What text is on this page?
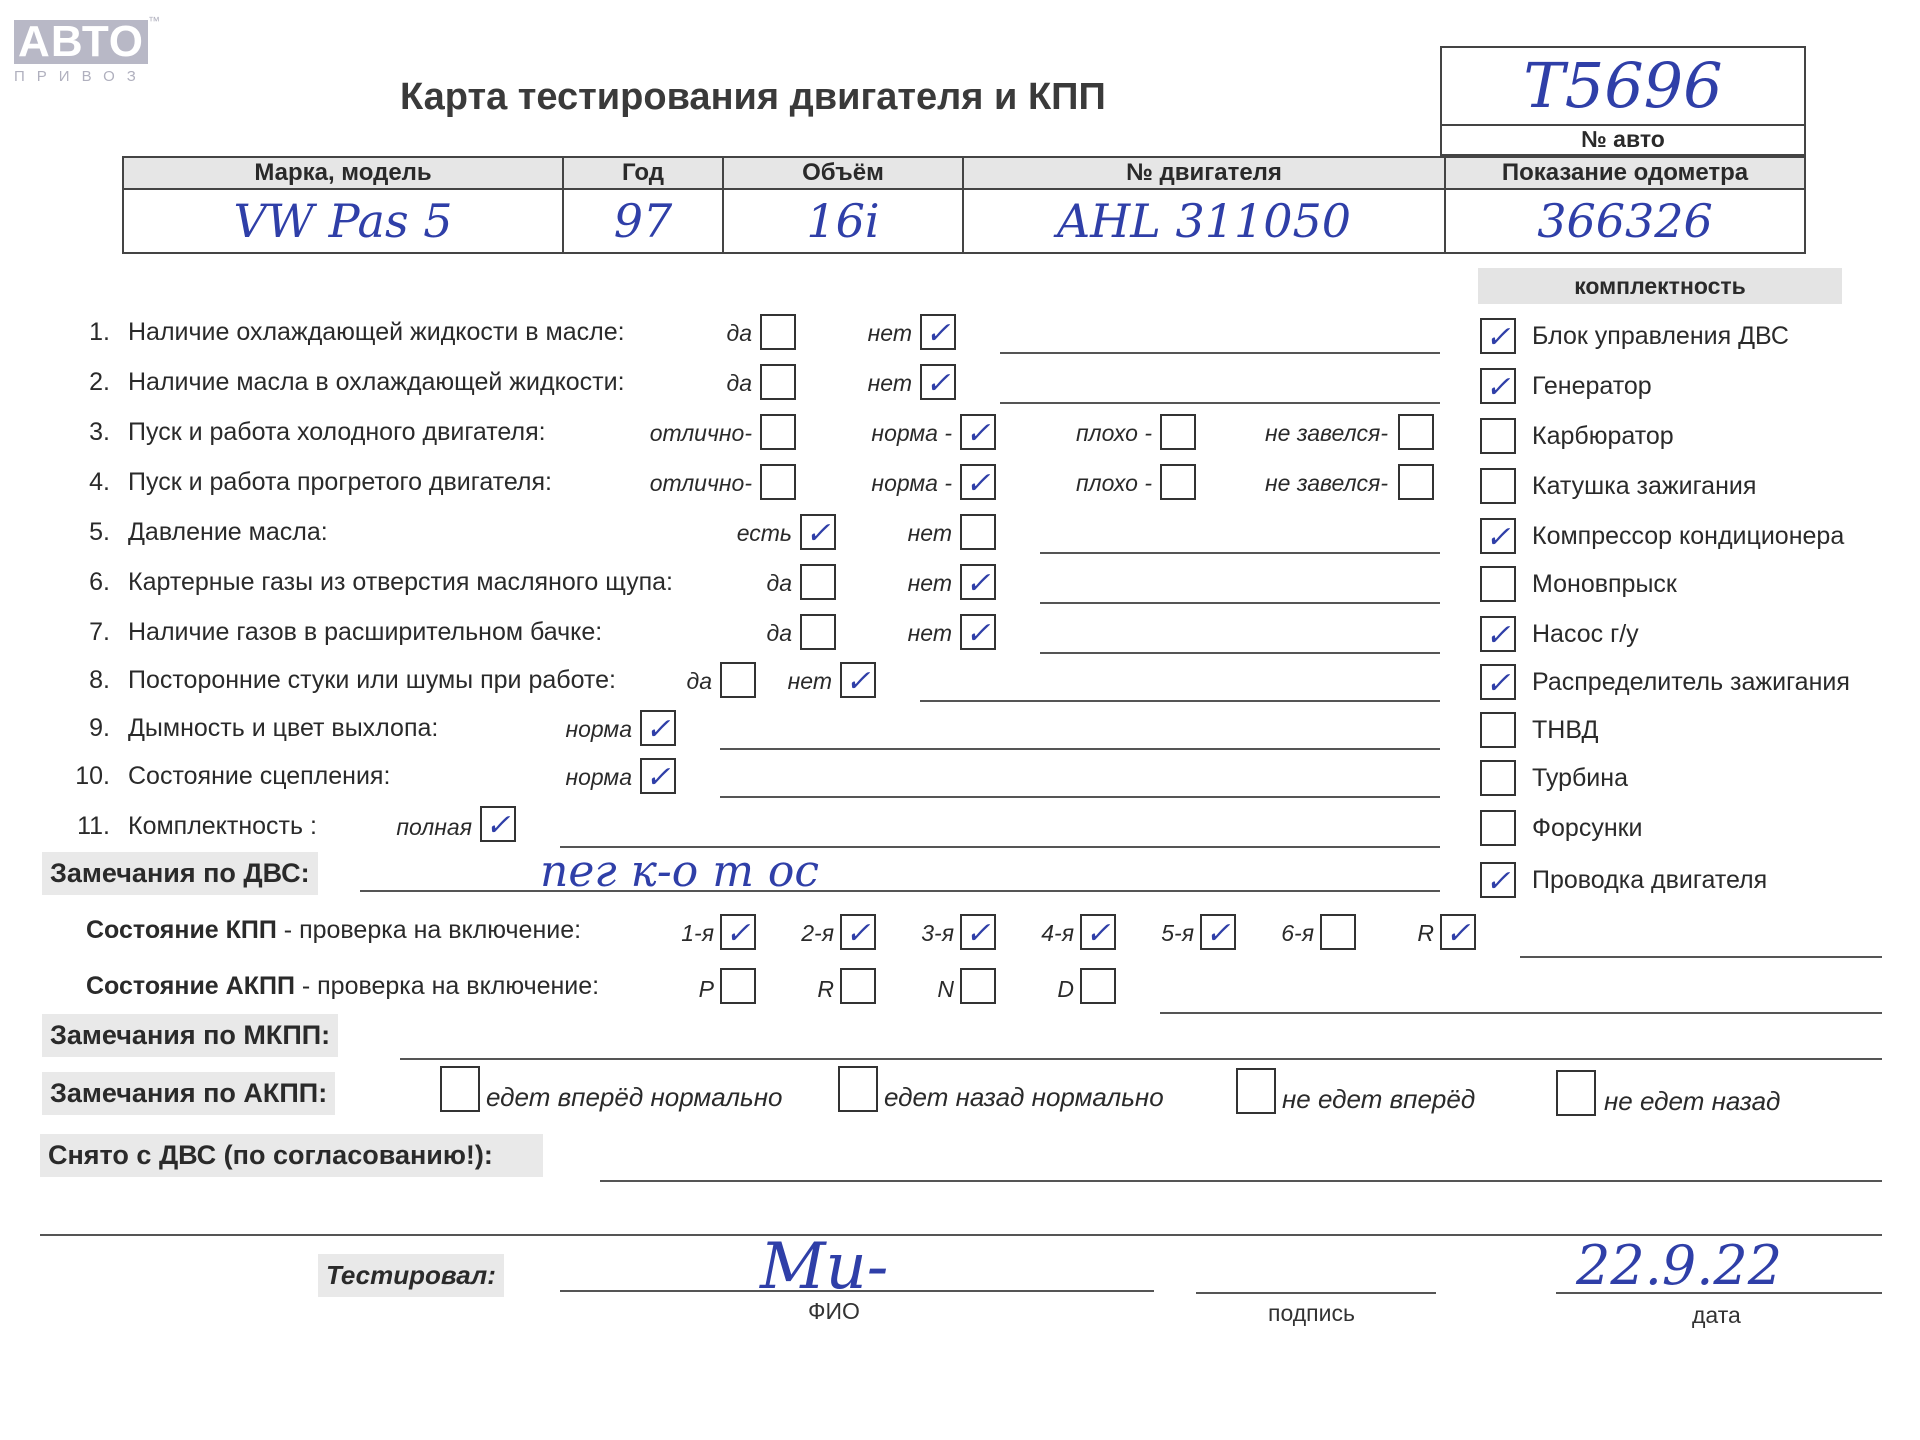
АВТО ™
ПРИВОЗ	Карта тестирования двигателя и КПП	Т5696
№ авто
Марка, модель	Год	Объём	№ двигателя	Показание одометра
VW Pas 5	97	16i	AHL 311050	366326
комплектность
1. Наличие охлаждающей жидкости в масле:	да	нет ✓
2. Наличие масла в охлаждающей жидкости:	да	нет ✓
3. Пуск и работа холодного двигателя:	отлично-	норма - ✓	плохо -	не завелся-
4. Пуск и работа прогретого двигателя:	отлично-	норма - ✓	плохо -	не завелся-
5. Давление масла:	есть ✓	нет
6. Картерные газы из отверстия масляного щупа:	да	нет ✓
7. Наличие газов в расширительном бачке:	да	нет ✓
8. Посторонние стуки или шумы при работе:	да	нет ✓
9. Дымность и цвет выхлопа:	норма ✓
10. Состояние сцепления:	норма ✓
11. Комплектность :	полная ✓
✓ Блок управления ДВС
✓ Генератор
Карбюратор
Катушка зажигания
✓ Компрессор кондиционера
Моновпрыск
✓ Насос г/у
✓ Распределитель зажигания
ТНВД
Турбина
Форсунки
✓ Проводка двигателя
Замечания по ДВС:	пег к-о т ос
Состояние КПП - проверка на включение:	1-я ✓	2-я ✓	3-я ✓	4-я ✓	5-я ✓	6-я	R ✓
Состояние АКПП - проверка на включение:	P	R	N	D
Замечания по МКПП:
Замечания по АКПП:	едет вперёд нормально	едет назад нормально	не едет вперёд	не едет назад
Снято с ДВС (по согласованию!):
Тестировал:	Ми-
ФИО	подпись
22.9.22
дата
